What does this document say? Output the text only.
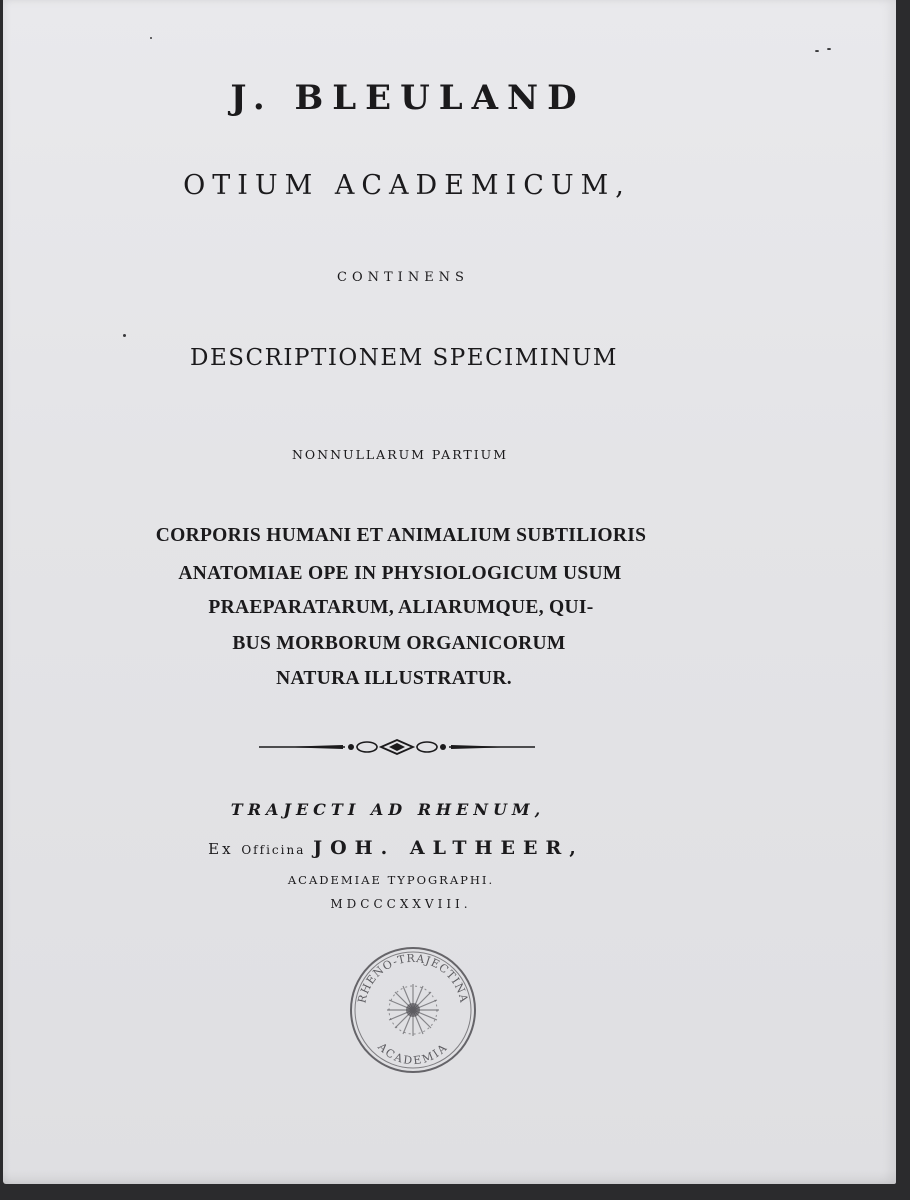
J. BLEULAND
OTIUM ACADEMICUM,
CONTINENS
DESCRIPTIONEM SPECIMINUM
NONNULLARUM PARTIUM
CORPORIS HUMANI ET ANIMALIUM SUBTILIORIS
ANATOMIAE OPE IN PHYSIOLOGICUM USUM
PRAEPARATARUM, ALIARUMQUE, QUI-
BUS MORBORUM ORGANICORUM
NATURA ILLUSTRATUR.
TRAJECTI AD RHENUM,
Ex Officina JOH. ALTHEER,
ACADEMIAE TYPOGRAPHI.
MDCCCXXVIII.
RHENO-TRAJECTINA
ACADEMIA
